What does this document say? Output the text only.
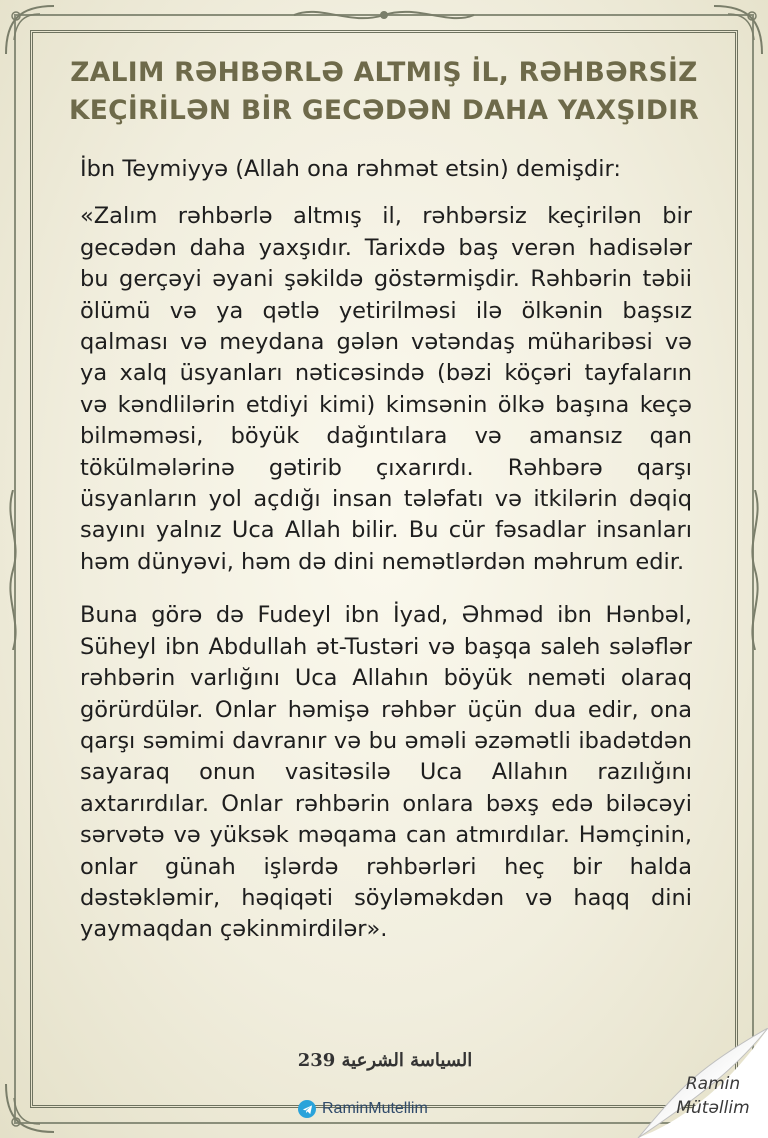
ZALIM RƏHBƏRLƏ ALTMIŞ İL, RƏHBƏRSİZ
KEÇİRİLƏN BİR GECƏDƏN DAHA YAXŞIDIR

İbn Teymiyyə (Allah ona rəhmət etsin) demişdir:

«Zalım rəhbərlə altmış il, rəhbərsiz keçirilən bir gecədən daha yaxşıdır. Tarixdə baş verən hadisələr bu gerçəyi əyani şəkildə göstərmişdir. Rəhbərin təbii ölümü və ya qətlə yetirilməsi ilə ölkənin başsız qalması və meydana gələn vətəndaş müharibəsi və ya xalq üsyanları nəticəsində (bəzi köçəri tayfaların və kəndlilərin etdiyi kimi) kimsənin ölkə başına keçə bilməməsi, böyük dağıntılara və amansız qan tökülmələrinə gətirib çıxarırdı. Rəhbərə qarşı üsyanların yol açdığı insan tələfatı və itkilərin dəqiq sayını yalnız Uca Allah bilir. Bu cür fəsadlar insanları həm dünyəvi, həm də dini nemətlərdən məhrum edir.

Buna görə də Fudeyl ibn İyad, Əhməd ibn Hənbəl, Süheyl ibn Abdullah ət-Tustəri və başqa saleh sələflər rəhbərin varlığını Uca Allahın böyük neməti olaraq görürdülər. Onlar həmişə rəhbər üçün dua edir, ona qarşı səmimi davranır və bu əməli əzəmətli ibadətdən sayaraq onun vasitəsilə Uca Allahın razılığını axtarırdılar. Onlar rəhbərin onlara bəxş edə biləcəyi sərvətə və yüksək məqama can atmırdılar. Həmçinin, onlar günah işlərdə rəhbərləri heç bir halda dəstəkləmir, həqiqəti söyləməkdən və haqq dini yaymaqdan çəkinmirdilər».

السياسة الشرعية 239
RaminMutellim
Ramin
Mütəllim
